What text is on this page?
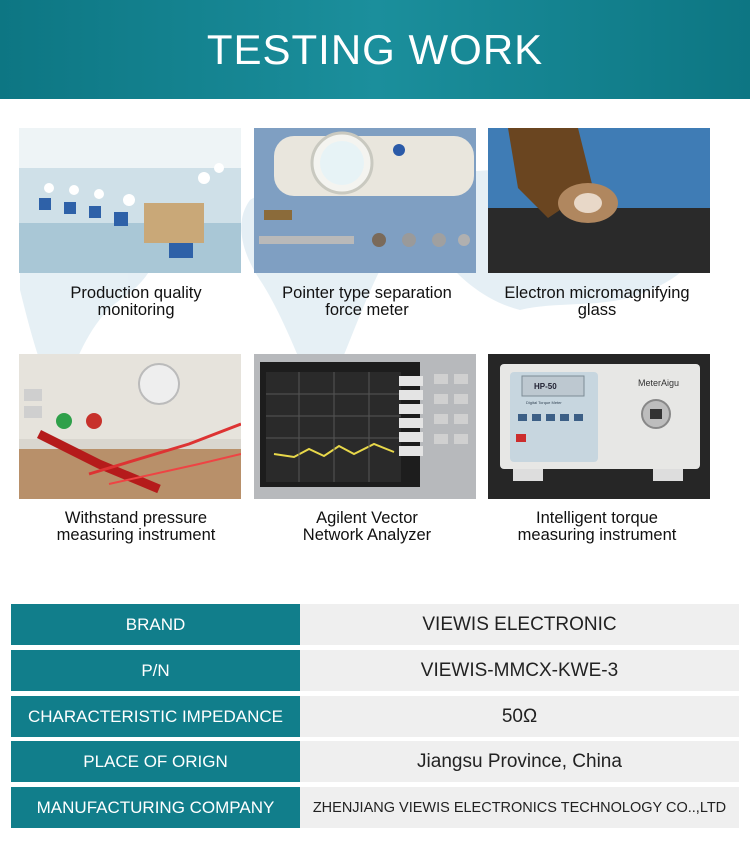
TESTING WORK
Production quality
monitoring
Pointer type separation
force meter
Electron micromagnifying
glass
MeterAigu
HP-50
Digital Torque Meter
Withstand pressure
measuring instrument
Agilent Vector
Network Analyzer
Intelligent torque
measuring instrument
BRAND	VIEWIS ELECTRONIC
P/N	VIEWIS-MMCX-KWE-3
CHARACTERISTIC IMPEDANCE	50Ω
PLACE OF ORIGN	Jiangsu Province, China
MANUFACTURING COMPANY	ZHENJIANG VIEWIS ELECTRONICS TECHNOLOGY CO..,LTD
